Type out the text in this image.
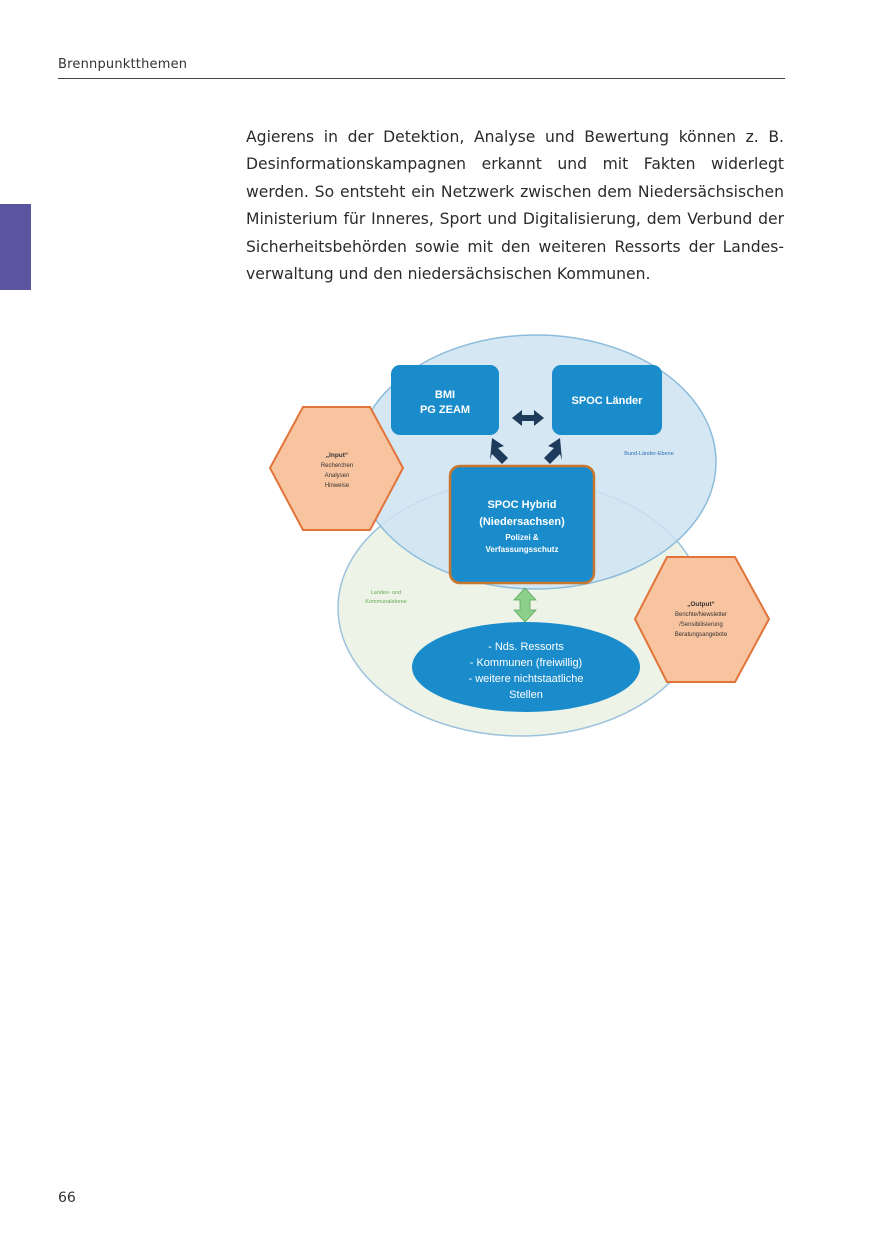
Brennpunktthemen

Agierens in der Detektion, Analyse und Bewertung können z. B.
Desinformationskampagnen erkannt und mit Fakten widerlegt
werden. So entsteht ein Netzwerk zwischen dem Niedersächsischen
Ministerium für Inneres, Sport und Digitalisierung, dem Verbund der
Sicherheitsbehörden sowie mit den weiteren Ressorts der Landes-
verwaltung und den niedersächsischen Kommunen.

BMI
PG ZEAM
SPOC Länder
Bund-Länder-Ebene
SPOC Hybrid
(Niedersachsen)
Polizei &
Verfassungsschutz
Landes- und
Kommunalebene
„Input“
Recherchen
Analysen
Hinweise
„Output“
Berichte/Newsletter
/Sensibilisierung
Beratungsangebote
- Nds. Ressorts
- Kommunen (freiwillig)
- weitere nichtstaatliche
Stellen
66
